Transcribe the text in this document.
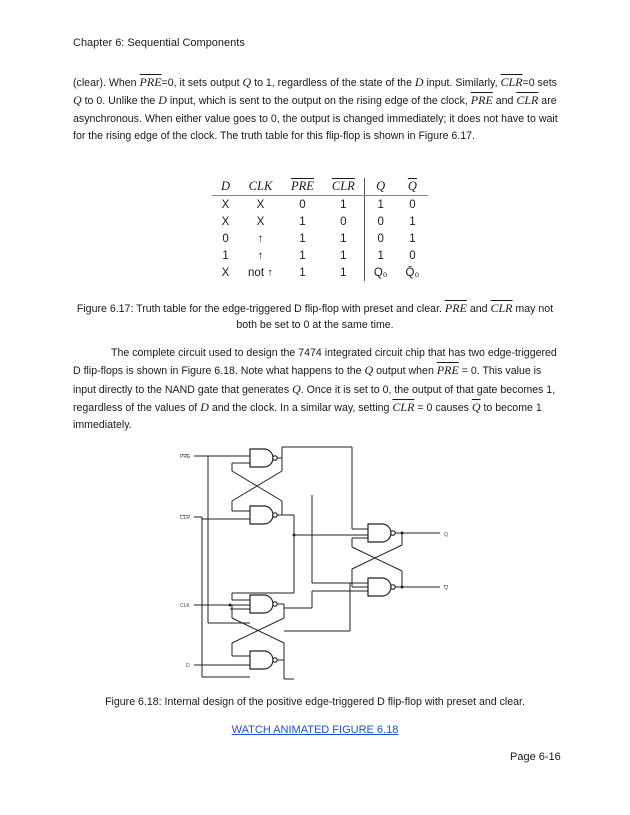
Chapter 6: Sequential Components
(clear). When $\overline{PRE}=0$, it sets output Q to 1, regardless of the state of the D input. Similarly, $\overline{CLR}=0$ sets Q to 0. Unlike the D input, which is sent to the output on the rising edge of the clock, $\overline{PRE}$ and $\overline{CLR}$ are asynchronous. When either value goes to 0, the output is changed immediately; it does not have to wait for the rising edge of the clock. The truth table for this flip-flop is shown in Figure 6.17.
D	CLK	$\overline{PRE}$	$\overline{CLR}$	Q	$\overline{Q}$
X	X	0	1	1	0
X	X	1	0	0	1
0	↑	1	1	0	1
1	↑	1	1	1	0
X	not ↑	1	1	Q₀	Q̄₀
Figure 6.17: Truth table for the edge-triggered D flip-flop with preset and clear. $\overline{PRE}$ and $\overline{CLR}$ may not both be set to 0 at the same time.
The complete circuit used to design the 7474 integrated circuit chip that has two edge-triggered D flip-flops is shown in Figure 6.18. Note what happens to the Q output when $\overline{PRE} = 0$. This value is input directly to the NAND gate that generates Q. Once it is set to 0, the output of that gate becomes 1, regardless of the values of D and the clock. In a similar way, setting $\overline{CLR} = 0$ causes $\overline{Q}$ to become 1 immediately.
PRE
CLR
CLK
D
Q
Q
Figure 6.18: Internal design of the positive edge-triggered D flip-flop with preset and clear.
WATCH ANIMATED FIGURE 6.18
Page 6-16
